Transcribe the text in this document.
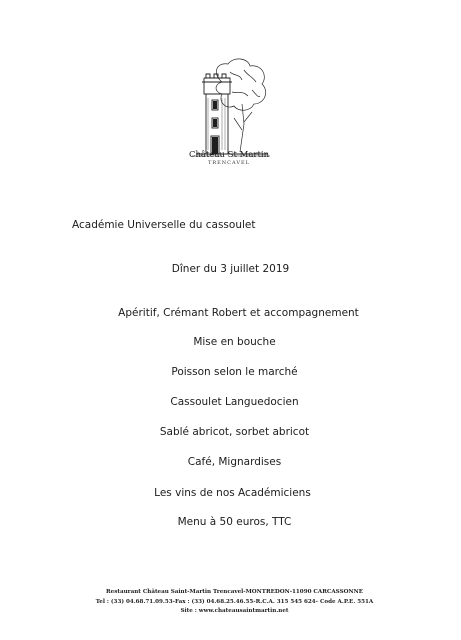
Château St Martin
TRENCAVEL
Académie Universelle du cassoulet
Dîner du 3 juillet 2019
Apéritif, Crémant Robert et accompagnement
Mise en bouche
Poisson selon le marché
Cassoulet Languedocien
Sablé abricot, sorbet abricot
Café, Mignardises
Les vins de nos Académiciens
Menu à 50 euros, TTC
Restaurant Château Saint-Martin Trencavel-MONTREDON-11090 CARCASSONNE
Tel : (33) 04.68.71.09.53-Fax : (33) 04.68.25.46.55-R.C.A. 315 545 624- Code A.P.E. 551A
Site : www.chateausaintmartin.net
